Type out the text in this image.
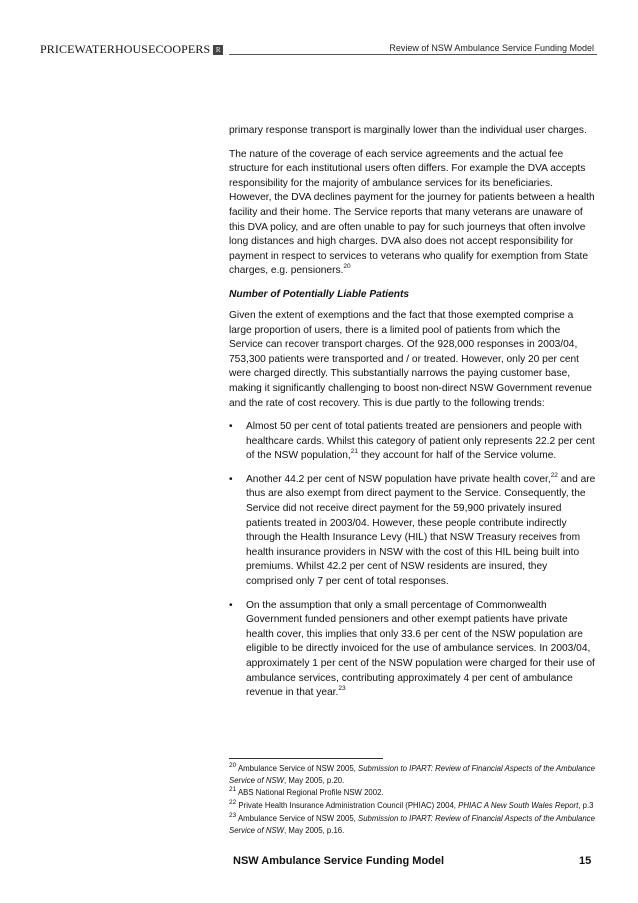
PRICEWATERHOUSECOOPERS R	Review of NSW Ambulance Service Funding Model

primary response transport is marginally lower than the individual user charges.

The nature of the coverage of each service agreements and the actual fee structure for each institutional users often differs. For example the DVA accepts responsibility for the majority of ambulance services for its beneficiaries. However, the DVA declines payment for the journey for patients between a health facility and their home. The Service reports that many veterans are unaware of this DVA policy, and are often unable to pay for such journeys that often involve long distances and high charges. DVA also does not accept responsibility for payment in respect to services to veterans who qualify for exemption from State charges, e.g. pensioners.$^{20}$

Number of Potentially Liable Patients

Given the extent of exemptions and the fact that those exempted comprise a large proportion of users, there is a limited pool of patients from which the Service can recover transport charges. Of the 928,000 responses in 2003/04, 753,300 patients were transported and / or treated. However, only 20 per cent were charged directly. This substantially narrows the paying customer base, making it significantly challenging to boost non-direct NSW Government revenue and the rate of cost recovery. This is due partly to the following trends:

• Almost 50 per cent of total patients treated are pensioners and people with healthcare cards. Whilst this category of patient only represents 22.2 per cent of the NSW population,$^{21}$ they account for half of the Service volume.
• Another 44.2 per cent of NSW population have private health cover,$^{22}$ and are thus are also exempt from direct payment to the Service. Consequently, the Service did not receive direct payment for the 59,900 privately insured patients treated in 2003/04. However, these people contribute indirectly through the Health Insurance Levy (HIL) that NSW Treasury receives from health insurance providers in NSW with the cost of this HIL being built into premiums. Whilst 42.2 per cent of NSW residents are insured, they comprised only 7 per cent of total responses.
• On the assumption that only a small percentage of Commonwealth Government funded pensioners and other exempt patients have private health cover, this implies that only 33.6 per cent of the NSW population are eligible to be directly invoiced for the use of ambulance services. In 2003/04, approximately 1 per cent of the NSW population were charged for their use of ambulance services, contributing approximately 4 per cent of ambulance revenue in that year.$^{23}$
$^{20}$ Ambulance Service of NSW 2005, Submission to IPART: Review of Financial Aspects of the Ambulance Service of NSW, May 2005, p.20.
$^{21}$ ABS National Regional Profile NSW 2002.
$^{22}$ Private Health Insurance Administration Council (PHIAC) 2004, PHIAC A New South Wales Report, p.3
$^{23}$ Ambulance Service of NSW 2005, Submission to IPART: Review of Financial Aspects of the Ambulance Service of NSW, May 2005, p.16.
NSW Ambulance Service Funding Model	15
